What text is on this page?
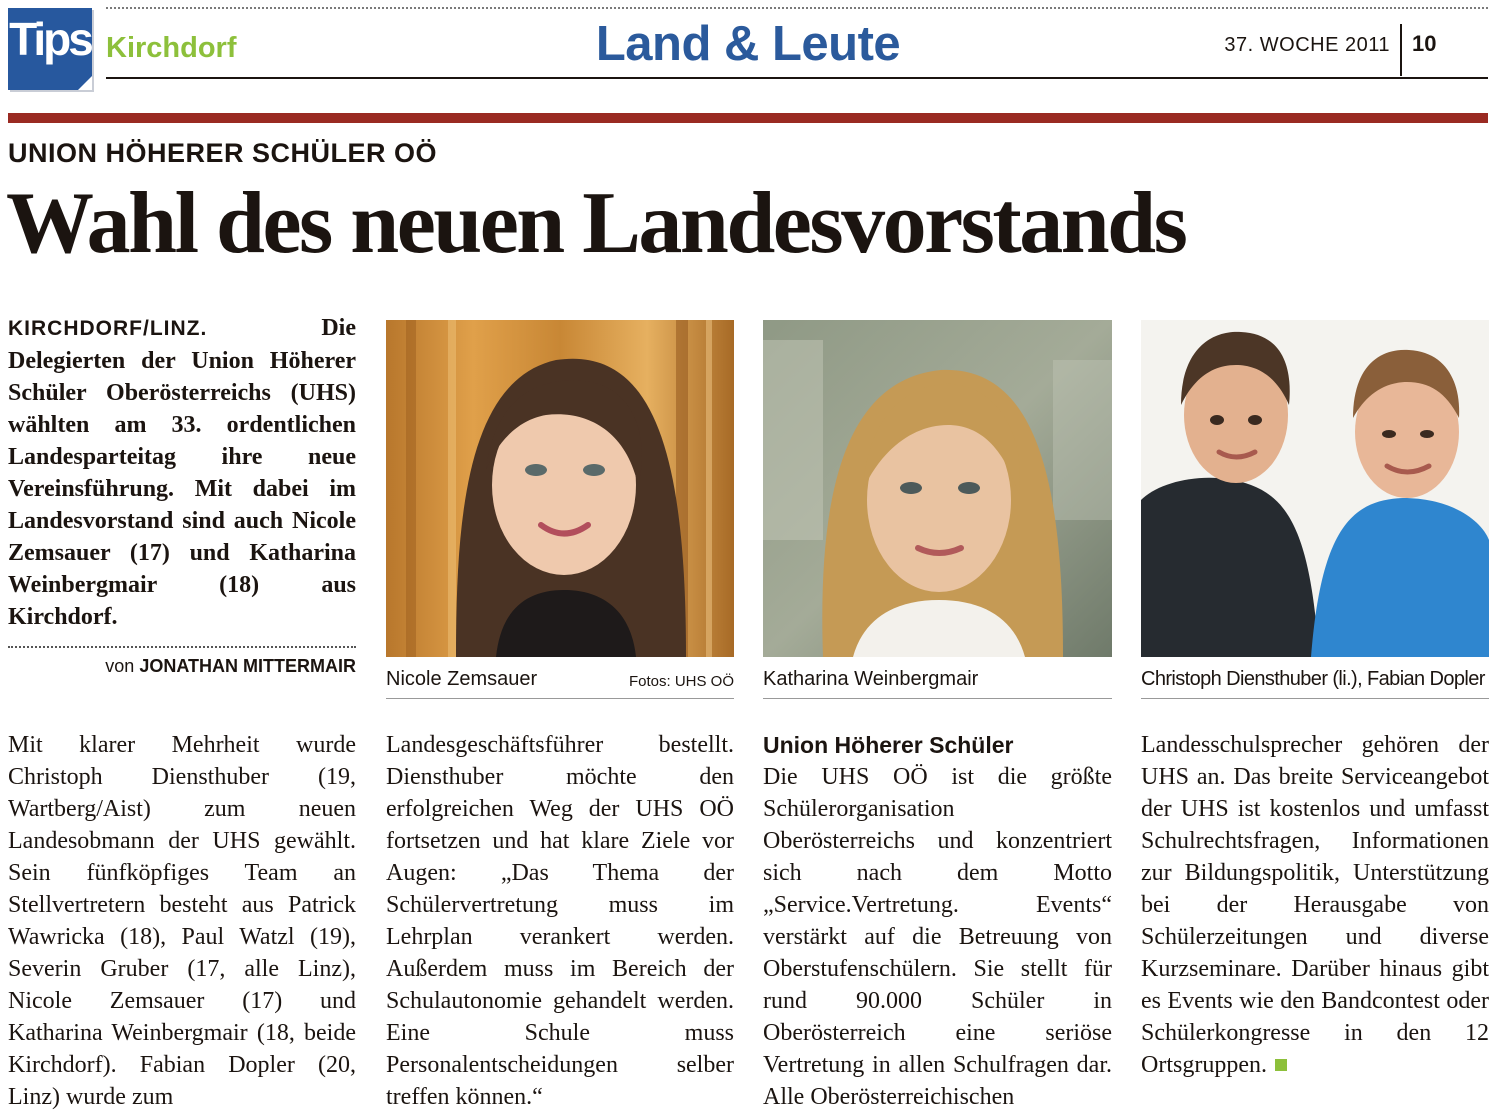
Tips Kirchdorf	Land & Leute	37. WOCHE 2011 10
UNION HÖHERER SCHÜLER OÖ
Wahl des neuen Landesvorstands
KIRCHDORF/LINZ.	Die Delegierten der Union Höherer Schüler Oberösterreichs (UHS) wählten am 33. ordentlichen Landesparteitag ihre neue Vereinsführung. Mit dabei im Landesvorstand sind auch Nicole Zemsauer (17) und Katharina Weinbergmair (18) aus Kirchdorf.
von JONATHAN MITTERMAIR
Nicole Zemsauer	Fotos: UHS OÖ Katharina Weinbergmair	Christoph Diensthuber (li.), Fabian Dopler

Mit klarer Mehrheit wurde Christoph Diensthuber (19, Wartberg/Aist) zum neuen Landesobmann der UHS gewählt. Sein fünfköpfiges Team an Stellvertretern besteht aus Patrick Wawricka (18), Paul Watzl (19), Severin Gruber (17, alle Linz), Nicole Zemsauer (17) und Katharina Weinbergmair (18, beide Kirchdorf). Fabian Dopler (20, Linz) wurde zum

Landesgeschäftsführer bestellt. Diensthuber möchte den erfolgreichen Weg der UHS OÖ fortsetzen und hat klare Ziele vor Augen: „Das Thema der Schülervertretung muss im Lehrplan verankert werden. Außerdem muss im Bereich der Schulautonomie gehandelt werden. Eine Schule muss Personalentscheidungen selber treffen können.“

Union Höherer Schüler

Die UHS OÖ ist die größte Schülerorganisation Oberösterreichs und konzentriert sich nach dem Motto „Service.Vertretung. Events“ verstärkt auf die Betreuung von Oberstufenschülern. Sie stellt für rund 90.000 Schüler in Oberösterreich eine seriöse Vertretung in allen Schulfragen dar. Alle Oberösterreichischen

Landesschulsprecher gehören der UHS an. Das breite Serviceangebot der UHS ist kostenlos und umfasst Schulrechtsfragen, Informationen zur Bildungspolitik, Unterstützung bei der Herausgabe von Schülerzeitungen und diverse Kurzseminare. Darüber hinaus gibt es Events wie den Bandcontest oder Schülerkongresse in den 12 Ortsgruppen.
